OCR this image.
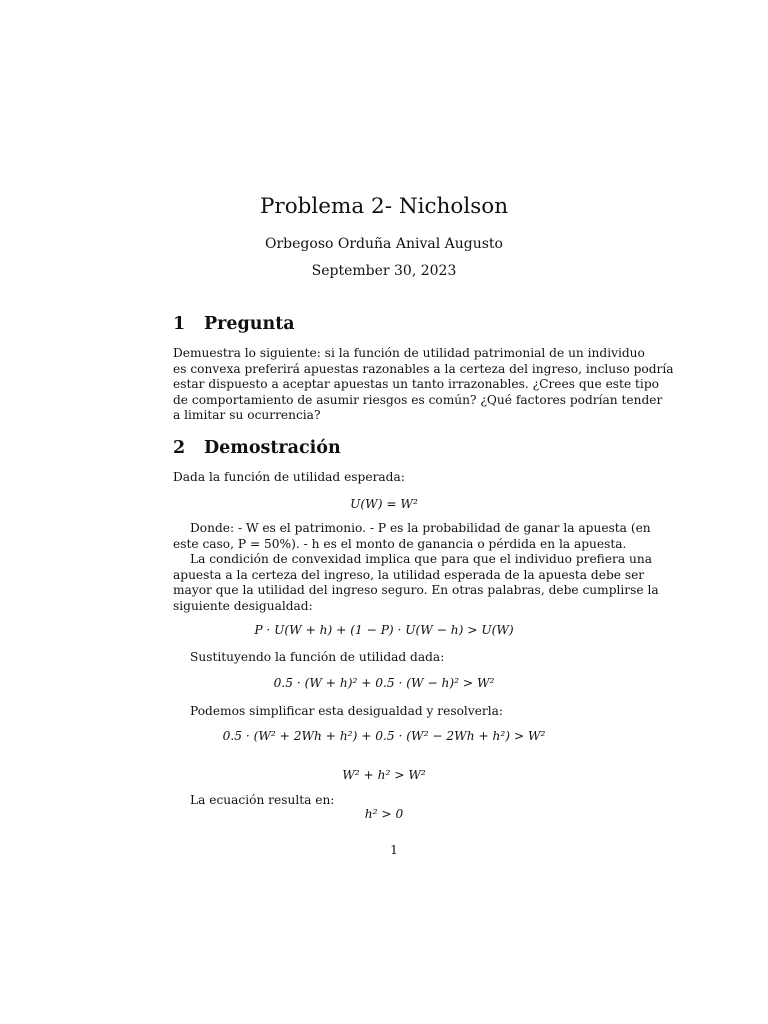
Problema 2- Nicholson
Orbegoso Orduña Anival Augusto
September 30, 2023
1 Pregunta
Demuestra lo siguiente: si la función de utilidad patrimonial de un individuo
es convexa preferirá apuestas razonables a la certeza del ingreso, incluso podría
estar dispuesto a aceptar apuestas un tanto irrazonables. ¿Crees que este tipo
de comportamiento de asumir riesgos es común? ¿Qué factores podrían tender
a limitar su ocurrencia?
2 Demostración
Dada la función de utilidad esperada:
U(W) = W²
Donde: - W es el patrimonio. - P es la probabilidad de ganar la apuesta (en
este caso, P = 50%). - h es el monto de ganancia o pérdida en la apuesta.
La condición de convexidad implica que para que el individuo prefiera una
apuesta a la certeza del ingreso, la utilidad esperada de la apuesta debe ser
mayor que la utilidad del ingreso seguro. En otras palabras, debe cumplirse la
siguiente desigualdad:
P · U(W + h) + (1 − P) · U(W − h) > U(W)
Sustituyendo la función de utilidad dada:
0.5 · (W + h)² + 0.5 · (W − h)² > W²
Podemos simplificar esta desigualdad y resolverla:
0.5 · (W² + 2Wh + h²) + 0.5 · (W² − 2Wh + h²) > W²
W² + h² > W²
La ecuación resulta en:
h² > 0
1
